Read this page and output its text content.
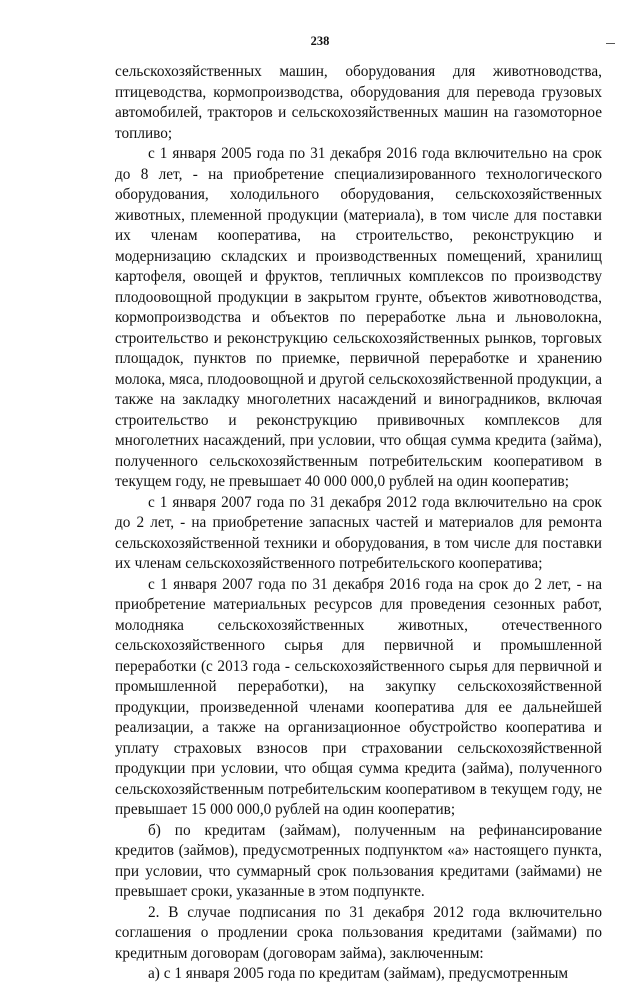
238

сельскохозяйственных машин, оборудования для животноводства, птицеводства, кормопроизводства, оборудования для перевода грузовых автомобилей, тракторов и сельскохозяйственных машин на газомоторное топливо;

с 1 января 2005 года по 31 декабря 2016 года включительно на срок до 8 лет, - на приобретение специализированного технологического оборудования, холодильного оборудования, сельскохозяйственных животных, племенной продукции (материала), в том числе для поставки их членам кооператива, на строительство, реконструкцию и модернизацию складских и производственных помещений, хранилищ картофеля, овощей и фруктов, тепличных комплексов по производству плодоовощной продукции в закрытом грунте, объектов животноводства, кормопроизводства и объектов по переработке льна и льноволокна, строительство и реконструкцию сельскохозяйственных рынков, торговых площадок, пунктов по приемке, первичной переработке и хранению молока, мяса, плодоовощной и другой сельскохозяйственной продукции, а также на закладку многолетних насаждений и виноградников, включая строительство и реконструкцию прививочных комплексов для многолетних насаждений, при условии, что общая сумма кредита (займа), полученного сельскохозяйственным потребительским кооперативом в текущем году, не превышает 40 000 000,0 рублей на один кооператив;

с 1 января 2007 года по 31 декабря 2012 года включительно на срок до 2 лет, - на приобретение запасных частей и материалов для ремонта сельскохозяйственной техники и оборудования, в том числе для поставки их членам сельскохозяйственного потребительского кооператива;

с 1 января 2007 года по 31 декабря 2016 года на срок до 2 лет, - на приобретение материальных ресурсов для проведения сезонных работ, молодняка сельскохозяйственных животных, отечественного сельскохозяйственного сырья для первичной и промышленной переработки (с 2013 года - сельскохозяйственного сырья для первичной и промышленной переработки), на закупку сельскохозяйственной продукции, произведенной членами кооператива для ее дальнейшей реализации, а также на организационное обустройство кооператива и уплату страховых взносов при страховании сельскохозяйственной продукции при условии, что общая сумма кредита (займа), полученного сельскохозяйственным потребительским кооперативом в текущем году, не превышает 15 000 000,0 рублей на один кооператив;

б) по кредитам (займам), полученным на рефинансирование кредитов (займов), предусмотренных подпунктом «а» настоящего пункта, при условии, что суммарный срок пользования кредитами (займами) не превышает сроки, указанные в этом подпункте.

2. В случае подписания по 31 декабря 2012 года включительно соглашения о продлении срока пользования кредитами (займами) по кредитным договорам (договорам займа), заключенным:

а) с 1 января 2005 года по кредитам (займам), предусмотренным
